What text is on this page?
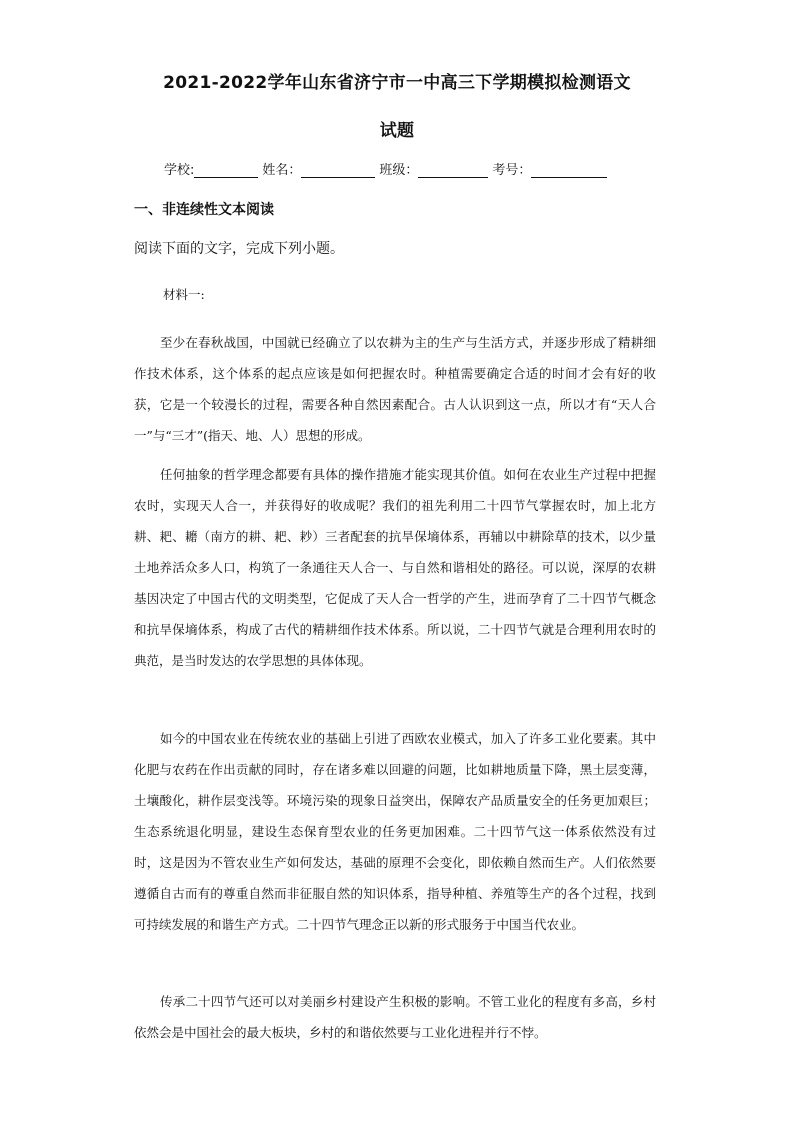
2021-2022学年山东省济宁市一中高三下学期模拟检测语文
试题
学校:	姓名：	班级：	考号：
一、非连续性文本阅读
阅读下面的文字，完成下列小题。
材料一:

至少在春秋战国，中国就已经确立了以农耕为主的生产与生活方式，并逐步形成了精耕细作技术体系，这个体系的起点应该是如何把握农时。种植需要确定合适的时间才会有好的收获，它是一个较漫长的过程，需要各种自然因素配合。古人认识到这一点，所以才有“天人合一”与“三才”(指天、地、人）思想的形成。

任何抽象的哲学理念都要有具体的操作措施才能实现其价值。如何在农业生产过程中把握农时，实现天人合一，并获得好的收成呢？我们的祖先利用二十四节气掌握农时，加上北方耕、耙、耱（南方的耕、耙、耖）三者配套的抗旱保墒体系，再辅以中耕除草的技术，以少量土地养活众多人口，构筑了一条通往天人合一、与自然和谐相处的路径。可以说，深厚的农耕基因决定了中国古代的文明类型，它促成了天人合一哲学的产生，进而孕育了二十四节气概念和抗旱保墒体系，构成了古代的精耕细作技术体系。所以说，二十四节气就是合理利用农时的典范，是当时发达的农学思想的具体体现。

如今的中国农业在传统农业的基础上引进了西欧农业模式，加入了许多工业化要素。其中化肥与农药在作出贡献的同时，存在诸多难以回避的问题，比如耕地质量下降，黑土层变薄，土壤酸化，耕作层变浅等。环境污染的现象日益突出，保障农产品质量安全的任务更加艰巨；生态系统退化明显，建设生态保育型农业的任务更加困难。二十四节气这一体系依然没有过时，这是因为不管农业生产如何发达，基础的原理不会变化，即依赖自然而生产。人们依然要遵循自古而有的尊重自然而非征服自然的知识体系，指导种植、养殖等生产的各个过程，找到可持续发展的和谐生产方式。二十四节气理念正以新的形式服务于中国当代农业。

传承二十四节气还可以对美丽乡村建设产生积极的影响。不管工业化的程度有多高，乡村依然会是中国社会的最大板块，乡村的和谐依然要与工业化进程并行不悖。
